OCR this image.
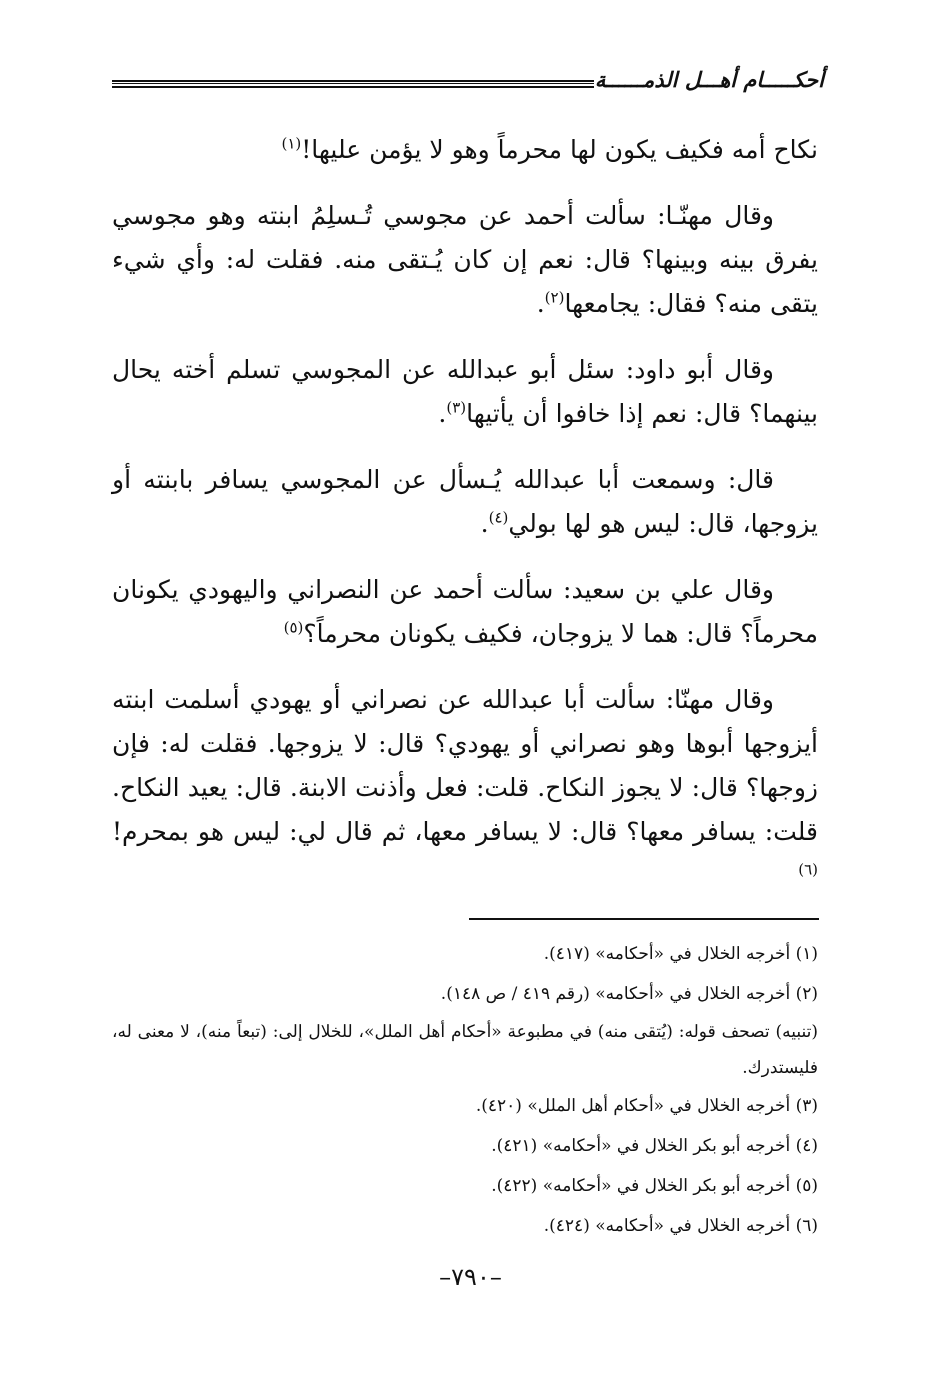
أحكـــــام أهـــل الذمــــــة

نكاح أمه فكيف يكون لها محرماً وهو لا يؤمن عليها!$^{(١)}$

وقال مهنّـا: سألت أحمد عن مجوسي تُـسلِمُ ابنته وهو مجوسي يفرق بينه وبينها؟ قال: نعم إن كان يُـتقى منه. فقلت له: وأي شيء يتقى منه؟ فقال: يجامعها$^{(٢)}$.

وقال أبو داود: سئل أبو عبدالله عن المجوسي تسلم أخته يحال بينهما؟ قال: نعم إذا خافوا أن يأتيها$^{(٣)}$.

قال: وسمعت أبا عبدالله يُـسأل عن المجوسي يسافر بابنته أو يزوجها، قال: ليس هو لها بولي$^{(٤)}$.

وقال علي بن سعيد: سألت أحمد عن النصراني واليهودي يكونان محرماً؟ قال: هما لا يزوجان، فكيف يكونان محرماً؟$^{(٥)}$

وقال مهنّا: سألت أبا عبدالله عن نصراني أو يهودي أسلمت ابنته أيزوجها أبوها وهو نصراني أو يهودي؟ قال: لا يزوجها. فقلت له: فإن زوجها؟ قال: لا يجوز النكاح. قلت: فعل وأذنت الابنة. قال: يعيد النكاح. قلت: يسافر معها؟ قال: لا يسافر معها، ثم قال لي: ليس هو بمحرم!$^{(٦)}$

(١) أخرجه الخلال في «أحكامه» (٤١٧).

(٢) أخرجه الخلال في «أحكامه» (رقم ٤١٩ / ص ١٤٨).

(تنبيه) تصحف قوله: (يُتقى منه) في مطبوعة «أحكام أهل الملل»، للخلال إلى: (تبعاً منه)، لا معنى له، فليستدرك.

(٣) أخرجه الخلال في «أحكام أهل الملل» (٤٢٠).

(٤) أخرجه أبو بكر الخلال في «أحكامه» (٤٢١).

(٥) أخرجه أبو بكر الخلال في «أحكامه» (٤٢٢).

(٦) أخرجه الخلال في «أحكامه» (٤٢٤).

–٧٩٠–
